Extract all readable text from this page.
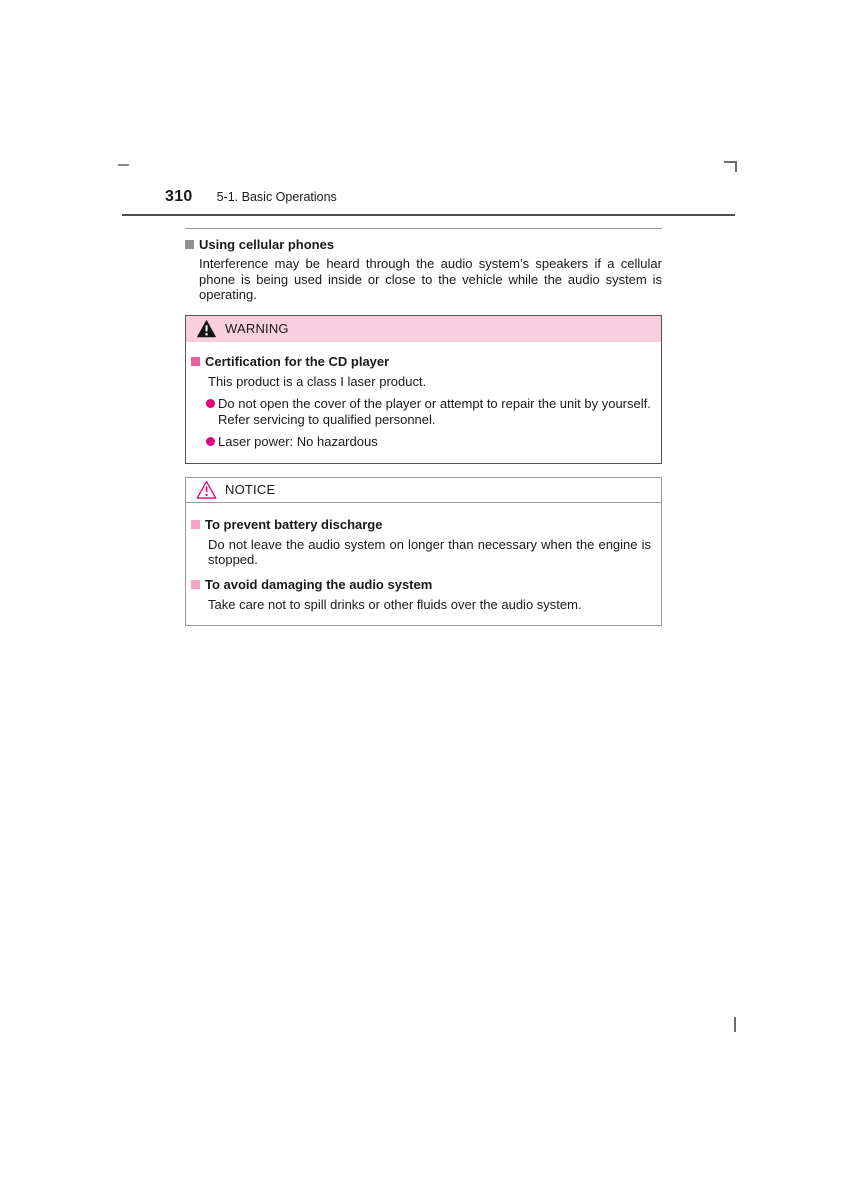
310 5-1. Basic Operations
Using cellular phones

Interference may be heard through the audio system’s speakers if a cellular phone is being used inside or close to the vehicle while the audio system is operating.

WARNING
Certification for the CD player

This product is a class I laser product.

Do not open the cover of the player or attempt to repair the unit by yourself.
Refer servicing to qualified personnel.
Laser power: No hazardous
NOTICE
To prevent battery discharge

Do not leave the audio system on longer than necessary when the engine is stopped.

To avoid damaging the audio system

Take care not to spill drinks or other fluids over the audio system.
